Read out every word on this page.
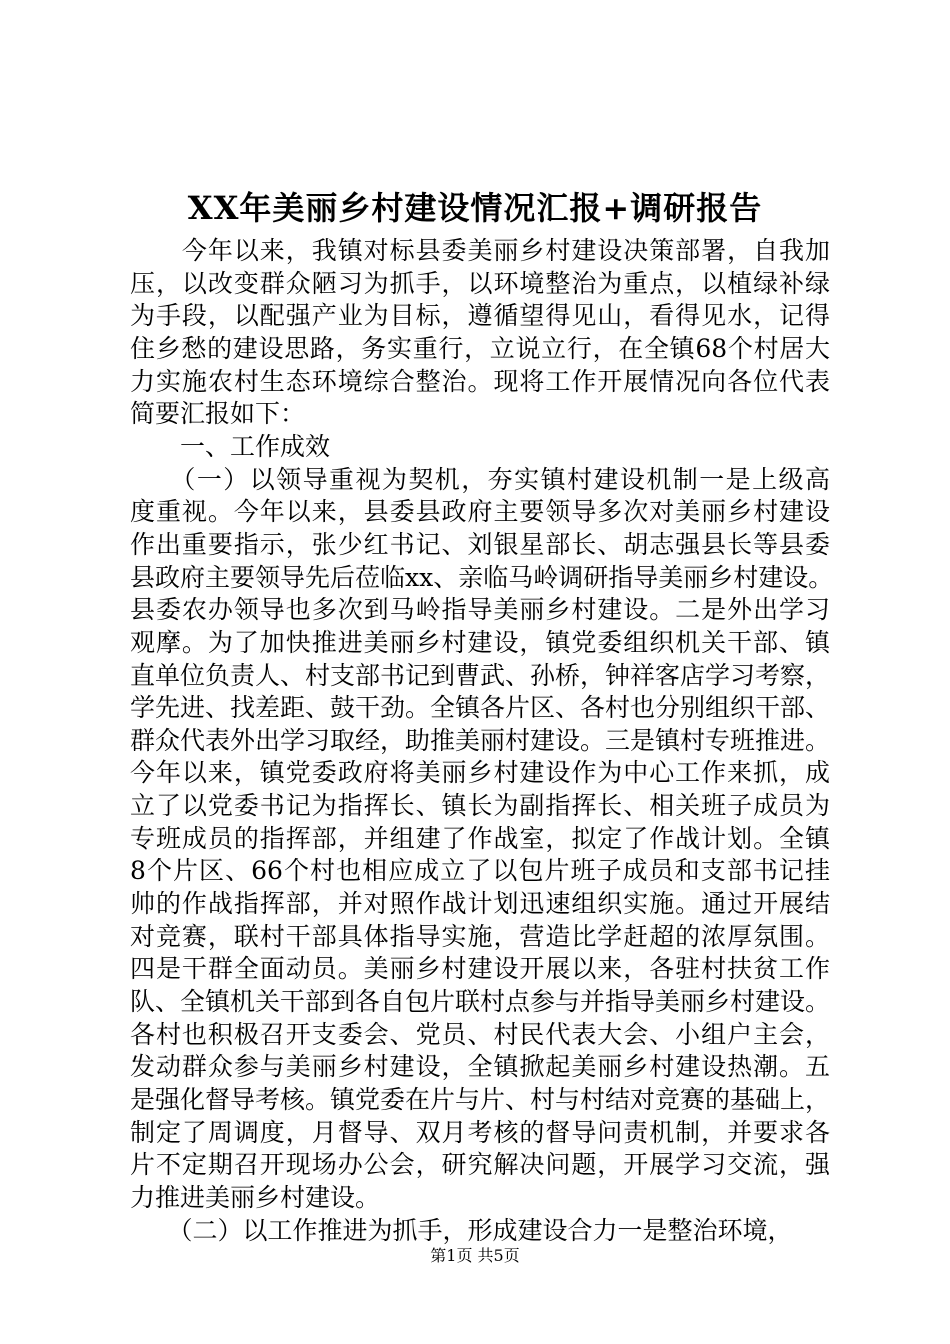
XX年美丽乡村建设情况汇报+调研报告
　　今年以来，我镇对标县委美丽乡村建设决策部署，自我加
压，以改变群众陋习为抓手，以环境整治为重点，以植绿补绿
为手段，以配强产业为目标，遵循望得见山，看得见水，记得
住乡愁的建设思路，务实重行，立说立行，在全镇68个村居大
力实施农村生态环境综合整治。现将工作开展情况向各位代表
简要汇报如下：
　　一、工作成效
　　（一）以领导重视为契机，夯实镇村建设机制一是上级高
度重视。今年以来，县委县政府主要领导多次对美丽乡村建设
作出重要指示，张少红书记、刘银星部长、胡志强县长等县委
县政府主要领导先后莅临xx、亲临马岭调研指导美丽乡村建设。
县委农办领导也多次到马岭指导美丽乡村建设。二是外出学习
观摩。为了加快推进美丽乡村建设，镇党委组织机关干部、镇
直单位负责人、村支部书记到曹武、孙桥，钟祥客店学习考察，
学先进、找差距、鼓干劲。全镇各片区、各村也分别组织干部、
群众代表外出学习取经，助推美丽村建设。三是镇村专班推进。
今年以来，镇党委政府将美丽乡村建设作为中心工作来抓，成
立了以党委书记为指挥长、镇长为副指挥长、相关班子成员为
专班成员的指挥部，并组建了作战室，拟定了作战计划。全镇
8个片区、66个村也相应成立了以包片班子成员和支部书记挂
帅的作战指挥部，并对照作战计划迅速组织实施。通过开展结
对竞赛，联村干部具体指导实施，营造比学赶超的浓厚氛围。
四是干群全面动员。美丽乡村建设开展以来，各驻村扶贫工作
队、全镇机关干部到各自包片联村点参与并指导美丽乡村建设。
各村也积极召开支委会、党员、村民代表大会、小组户主会，
发动群众参与美丽乡村建设，全镇掀起美丽乡村建设热潮。五
是强化督导考核。镇党委在片与片、村与村结对竞赛的基础上，
制定了周调度，月督导、双月考核的督导问责机制，并要求各
片不定期召开现场办公会，研究解决问题，开展学习交流，强
力推进美丽乡村建设。
　　（二）以工作推进为抓手，形成建设合力一是整治环境，
第1页 共5页
